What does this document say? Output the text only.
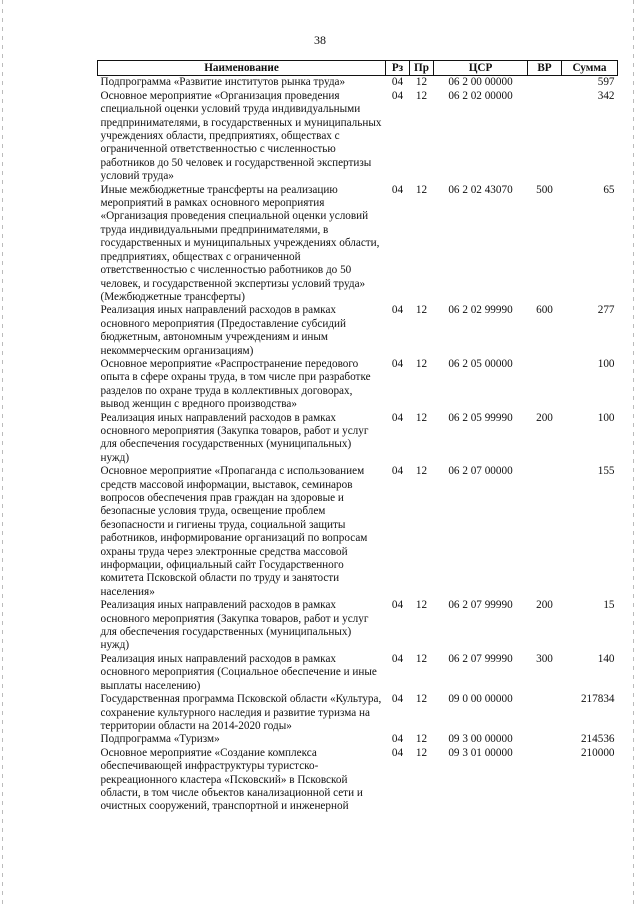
38
Наименование	Рз	Пр	ЦСР	ВР	Сумма
Подпрограмма «Развитие институтов рынка труда»	04	12	06 2 00 00000		597
Основное мероприятие «Организация проведения специальной оценки условий труда индивидуальными предпринимателями, в государственных и муниципальных учреждениях области, предприятиях, обществах с ограниченной ответственностью с численностью работников до 50 человек и государственной экспертизы условий труда»	04	12	06 2 02 00000		342
Иные межбюджетные трансферты на реализацию мероприятий в рамках основного мероприятия «Организация проведения специальной оценки условий труда индивидуальными предпринимателями, в государственных и муниципальных учреждениях области, предприятиях, обществах с ограниченной ответственностью с численностью работников до 50 человек, и государственной экспертизы условий труда» (Межбюджетные трансферты)	04	12	06 2 02 43070	500	65
Реализация иных направлений расходов в рамках основного мероприятия (Предоставление субсидий бюджетным, автономным учреждениям и иным некоммерческим организациям)	04	12	06 2 02 99990	600	277
Основное мероприятие «Распространение передового опыта в сфере охраны труда, в том числе при разработке разделов по охране труда в коллективных договорах, вывод женщин с вредного производства»	04	12	06 2 05 00000		100
Реализация иных направлений расходов в рамках основного мероприятия (Закупка товаров, работ и услуг для обеспечения государственных (муниципальных) нужд)	04	12	06 2 05 99990	200	100
Основное мероприятие «Пропаганда с использованием средств массовой информации, выставок, семинаров вопросов обеспечения прав граждан на здоровые и безопасные условия труда, освещение проблем безопасности и гигиены труда, социальной защиты работников, информирование организаций по вопросам охраны труда через электронные средства массовой информации, официальный сайт Государственного комитета Псковской области по труду и занятости населения»	04	12	06 2 07 00000		155
Реализация иных направлений расходов в рамках основного мероприятия (Закупка товаров, работ и услуг для обеспечения государственных (муниципальных) нужд)	04	12	06 2 07 99990	200	15
Реализация иных направлений расходов в рамках основного мероприятия (Социальное обеспечение и иные выплаты населению)	04	12	06 2 07 99990	300	140
Государственная программа Псковской области «Культура, сохранение культурного наследия и развитие туризма на территории области на 2014-2020 годы»	04	12	09 0 00 00000		217834
Подпрограмма «Туризм»	04	12	09 3 00 00000		214536
Основное мероприятие «Создание комплекса обеспечивающей инфраструктуры туристско-рекреационного кластера «Псковский» в Псковской области, в том числе объектов канализационной сети и очистных сооружений, транспортной и инженерной	04	12	09 3 01 00000		210000
